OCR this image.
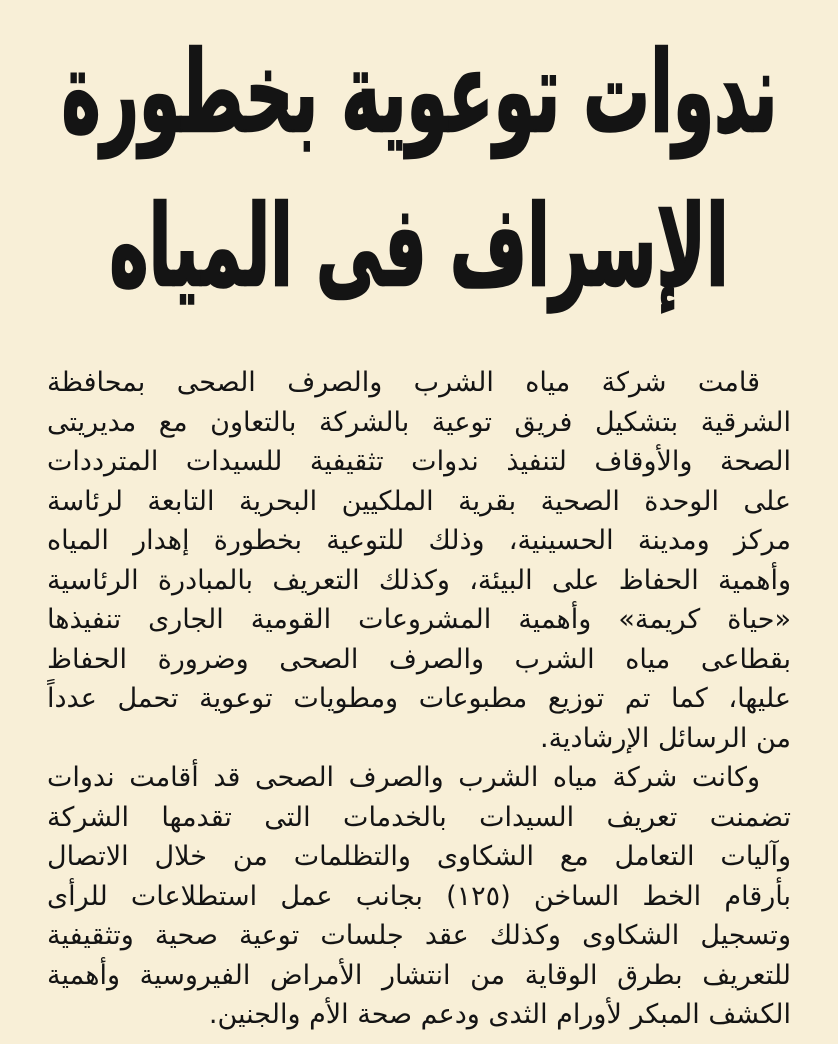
ندوات توعوية بخطورة
الإسراف فى المياه
قامت شركة مياه الشرب والصرف الصحى بمحافظة
الشرقية بتشكيل فريق توعية بالشركة بالتعاون مع مديريتى
الصحة والأوقاف لتنفيذ ندوات تثقيفية للسيدات المترددات
على الوحدة الصحية بقرية الملكيين البحرية التابعة لرئاسة
مركز ومدينة الحسينية، وذلك للتوعية بخطورة إهدار المياه
وأهمية الحفاظ على البيئة، وكذلك التعريف بالمبادرة الرئاسية
«حياة كريمة» وأهمية المشروعات القومية الجارى تنفيذها
بقطاعى مياه الشرب والصرف الصحى وضرورة الحفاظ
عليها، كما تم توزيع مطبوعات ومطويات توعوية تحمل عدداً
من الرسائل الإرشادية.
وكانت شركة مياه الشرب والصرف الصحى قد أقامت ندوات
تضمنت تعريف السيدات بالخدمات التى تقدمها الشركة
وآليات التعامل مع الشكاوى والتظلمات من خلال الاتصال
بأرقام الخط الساخن (١٢٥) بجانب عمل استطلاعات للرأى
وتسجيل الشكاوى وكذلك عقد جلسات توعية صحية وتثقيفية
للتعريف بطرق الوقاية من انتشار الأمراض الفيروسية وأهمية
الكشف المبكر لأورام الثدى ودعم صحة الأم والجنين.
